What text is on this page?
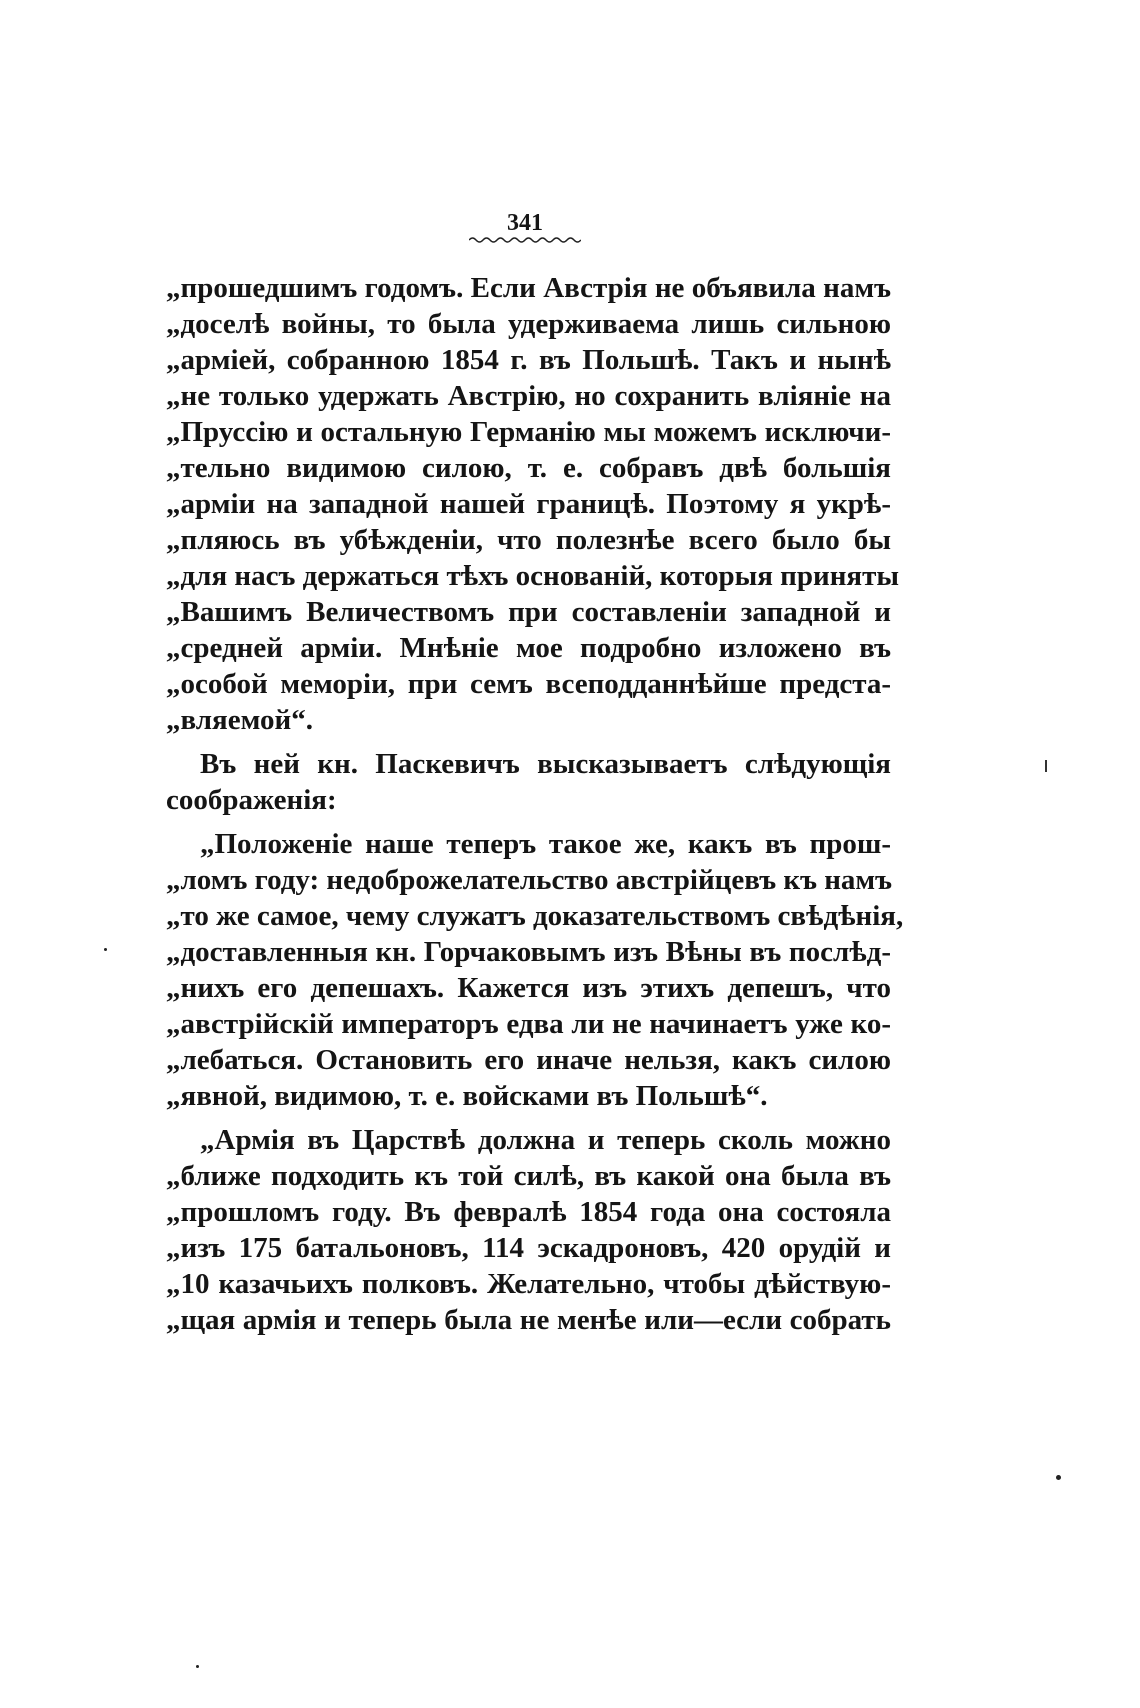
341
„прошедшимъ годомъ. Если Австрія не объявила намъ
„доселѣ войны, то была удерживаема лишь сильною
„арміей, собранною 1854 г. въ Польшѣ. Такъ и нынѣ
„не только удержать Австрію, но сохранить вліяніе на
„Пруссію и остальную Германію мы можемъ исключи-
„тельно видимою силою, т. е. собравъ двѣ большія
„арміи на западной нашей границѣ. Поэтому я укрѣ-
„пляюсь въ убѣжденіи, что полезнѣе всего было бы
„для насъ держаться тѣхъ основаній, которыя приняты
„Вашимъ Величествомъ при составленіи западной и
„средней арміи. Мнѣніе мое подробно изложено въ
„особой меморіи, при семъ всеподданнѣйше предста-
„вляемой“.
Въ ней кн. Паскевичъ высказываетъ слѣдующія
соображенія:
„Положеніе наше теперъ такое же, какъ въ прош-
„ломъ году: недоброжелательство австрійцевъ къ намъ
„то же самое, чему служатъ доказательствомъ свѣдѣнія,
„доставленныя кн. Горчаковымъ изъ Вѣны въ послѣд-
„нихъ его депешахъ. Кажется изъ этихъ депешъ, что
„австрійскій императоръ едва ли не начинаетъ уже ко-
„лебаться. Остановить его иначе нельзя, какъ силою
„явной, видимою, т. е. войсками въ Польшѣ“.
„Армія въ Царствѣ должна и теперь сколь можно
„ближе подходить къ той силѣ, въ какой она была въ
„прошломъ году. Въ февралѣ 1854 года она состояла
„изъ 175 батальоновъ, 114 эскадроновъ, 420 орудій и
„10 казачьихъ полковъ. Желательно, чтобы дѣйствую-
„щая армія и теперь была не менѣе или—если собрать
